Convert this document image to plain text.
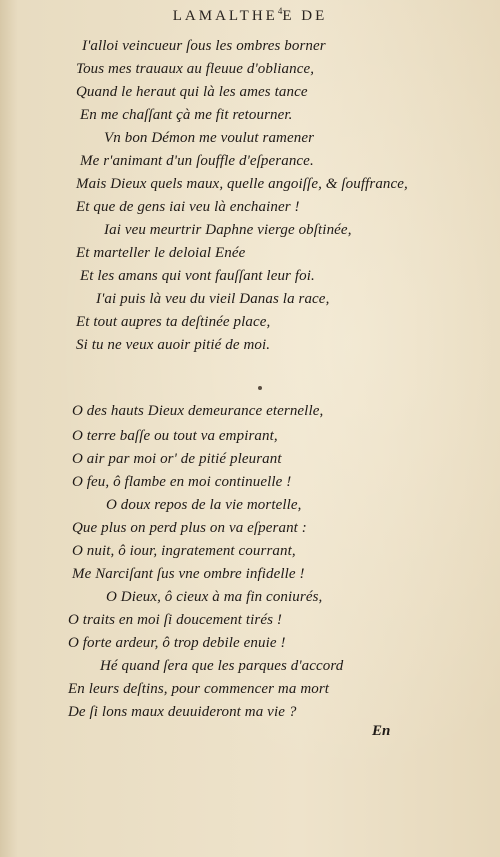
LAMALTHE$^4$E DE
I'alloi veincueur ſous les ombres borner
Tous mes trauaux au fleuue d'obliance,
Quand le heraut qui là les ames tance
En me chaſſant çà me fit retourner.
Vn bon Démon me voulut ramener
Me r'animant d'un ſouffle d'eſperance.
Mais Dieux quels maux, quelle angoiſſe, & ſouffrance,
Et que de gens iai veu là enchainer !
Iai veu meurtrir Daphne vierge obſtinée,
Et marteller le deloial Enée
Et les amans qui vont fauſſant leur foi.
I'ai puis là veu du vieil Danas la race,
Et tout aupres ta deſtinée place,
Si tu ne veux auoir pitié de moi.
O des hauts Dieux demeurance eternelle,
O terre baſſe ou tout va empirant,
O air par moi or' de pitié pleurant
O feu, ô flambe en moi continuelle !
O doux repos de la vie mortelle,
Que plus on perd plus on va eſperant :
O nuit, ô iour, ingratement courrant,
Me Narciſant ſus vne ombre infidelle !
O Dieux, ô cieux à ma fin coniurés,
O traits en moi ſi doucement tirés !
O forte ardeur, ô trop debile enuie !
Hé quand ſera que les parques d'accord
En leurs deſtins, pour commencer ma mort
De ſi lons maux deuuideront ma vie ?
En
